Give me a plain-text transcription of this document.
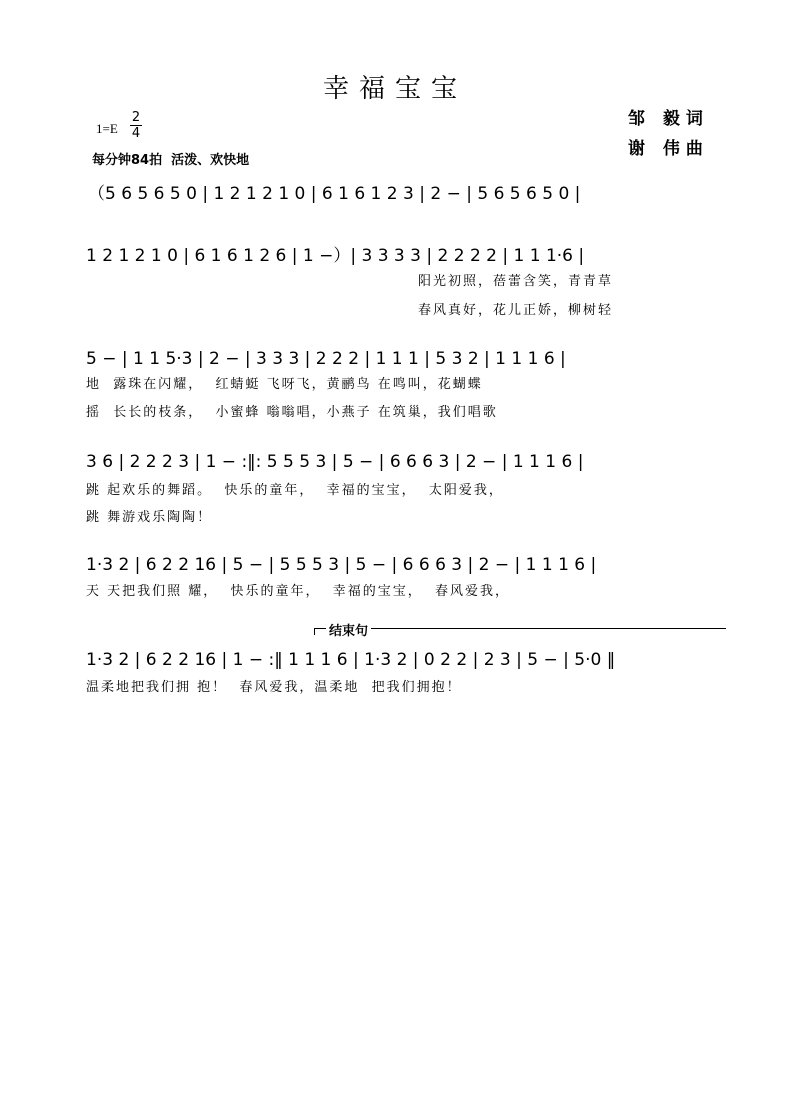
幸福宝宝
邹 毅词
谢 伟曲
1=E
2
4
每分钟84拍  活泼、欢快地
（5 6 5 6 5 0 | 1 2 1 2 1 0 | 6 1 6 1 2 3 | 2 − | 5 6 5 6 5 0 |
1 2 1 2 1 0 | 6 1 6 1 2 6 | 1 −）| 3 3 3 3 | 2 2 2 2 | 1 1 1·6 |
阳光初照，蓓蕾含笑，青青草
春风真好，花儿正娇，柳树轻
5 − | 1 1 5·3 | 2 − | 3 3 3 | 2 2 2 | 1 1 1 | 5 3 2 | 1 1 1 6 |
地  露珠在闪耀，  红蜻蜓 飞呀飞，黄鹂鸟 在鸣叫，花蝴蝶
摇  长长的枝条，  小蜜蜂 嗡嗡唱，小燕子 在筑巢，我们唱歌
3 6 | 2 2 2 3 | 1 − :‖: 5 5 5 3 | 5 − | 6 6 6 3 | 2 − | 1 1 1 6 |
跳 起欢乐的舞蹈。  快乐的童年，  幸福的宝宝，  太阳爱我，
跳 舞游戏乐陶陶！
1·3 2 | 6 2 2 16 | 5 − | 5 5 5 3 | 5 − | 6 6 6 3 | 2 − | 1 1 1 6 |
天 天把我们照 耀，  快乐的童年，  幸福的宝宝，  春风爱我，
结束句
1·3 2 | 6 2 2 16 | 1 − :‖ 1 1 1 6 | 1·3 2 | 0 2 2 | 2 3 | 5 − | 5·0 ‖
温柔地把我们拥 抱！  春风爱我，温柔地  把我们拥抱！
